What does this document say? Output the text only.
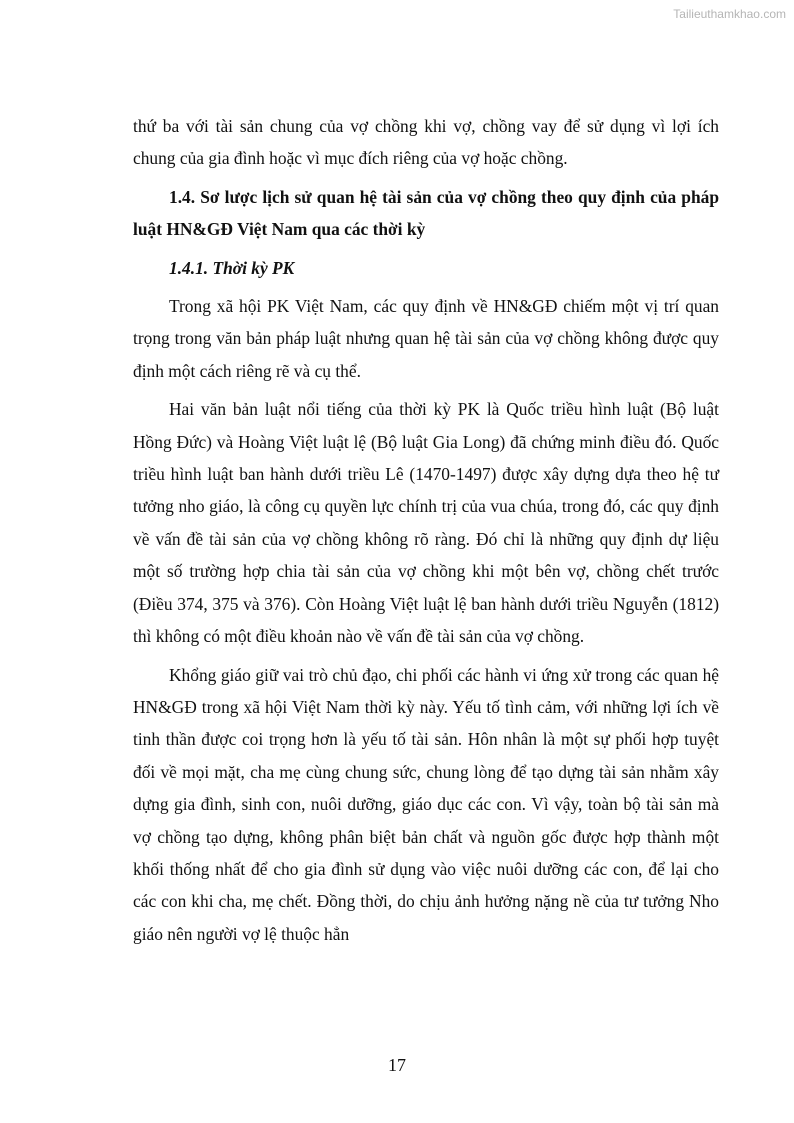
Tailieuthamkhao.com

thứ ba với tài sản chung của vợ chồng khi vợ, chồng vay để sử dụng vì lợi ích chung của gia đình hoặc vì mục đích riêng của vợ hoặc chồng.

1.4. Sơ lược lịch sử quan hệ tài sản của vợ chồng theo quy định của pháp luật HN&GĐ Việt Nam qua các thời kỳ
1.4.1. Thời kỳ PK

Trong xã hội PK Việt Nam, các quy định về HN&GĐ chiếm một vị trí quan trọng trong văn bản pháp luật nhưng quan hệ tài sản của vợ chồng không được quy định một cách riêng rẽ và cụ thể.

Hai văn bản luật nổi tiếng của thời kỳ PK là Quốc triều hình luật (Bộ luật Hồng Đức) và Hoàng Việt luật lệ (Bộ luật Gia Long) đã chứng minh điều đó. Quốc triều hình luật ban hành dưới triều Lê (1470-1497) được xây dựng dựa theo hệ tư tưởng nho giáo, là công cụ quyền lực chính trị của vua chúa, trong đó, các quy định về vấn đề tài sản của vợ chồng không rõ ràng. Đó chỉ là những quy định dự liệu một số trường hợp chia tài sản của vợ chồng khi một bên vợ, chồng chết trước (Điều 374, 375 và 376). Còn Hoàng Việt luật lệ ban hành dưới triều Nguyễn (1812) thì không có một điều khoản nào về vấn đề tài sản của vợ chồng.

Khổng giáo giữ vai trò chủ đạo, chi phối các hành vi ứng xử trong các quan hệ HN&GĐ trong xã hội Việt Nam thời kỳ này. Yếu tố tình cảm, với những lợi ích về tinh thần được coi trọng hơn là yếu tố tài sản. Hôn nhân là một sự phối hợp tuyệt đối về mọi mặt, cha mẹ cùng chung sức, chung lòng để tạo dựng tài sản nhằm xây dựng gia đình, sinh con, nuôi dưỡng, giáo dục các con. Vì vậy, toàn bộ tài sản mà vợ chồng tạo dựng, không phân biệt bản chất và nguồn gốc được hợp thành một khối thống nhất để cho gia đình sử dụng vào việc nuôi dưỡng các con, để lại cho các con khi cha, mẹ chết. Đồng thời, do chịu ảnh hưởng nặng nề của tư tưởng Nho giáo nên người vợ lệ thuộc hẳn

17
